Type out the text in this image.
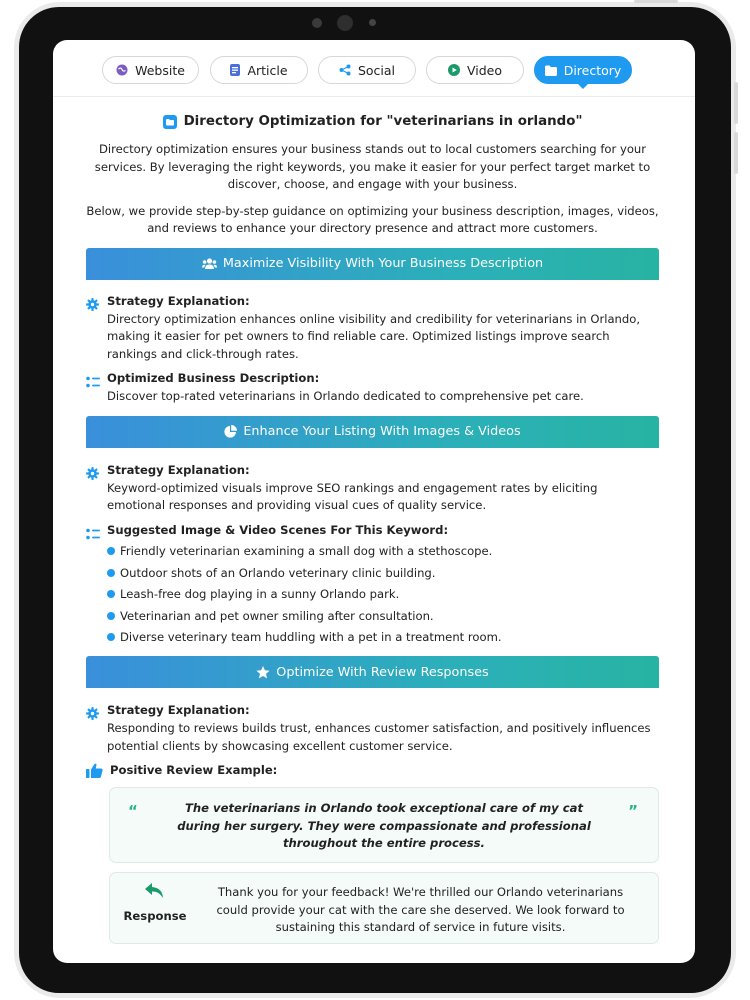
Website	Article	Social	Video	Directory
Directory Optimization for "veterinarians in orlando"
Directory optimization ensures your business stands out to local customers searching for your services. By leveraging the right keywords, you make it easier for your perfect target market to discover, choose, and engage with your business.
Below, we provide step-by-step guidance on optimizing your business description, images, videos, and reviews to enhance your directory presence and attract more customers.
Maximize Visibility With Your Business Description
Strategy Explanation:
Directory optimization enhances online visibility and credibility for veterinarians in Orlando, making it easier for pet owners to find reliable care. Optimized listings improve search rankings and click-through rates.
Optimized Business Description:
Discover top-rated veterinarians in Orlando dedicated to comprehensive pet care.
Enhance Your Listing With Images & Videos
Strategy Explanation:
Keyword-optimized visuals improve SEO rankings and engagement rates by eliciting emotional responses and providing visual cues of quality service.
Suggested Image & Video Scenes For This Keyword:
Friendly veterinarian examining a small dog with a stethoscope.
Outdoor shots of an Orlando veterinary clinic building.
Leash-free dog playing in a sunny Orlando park.
Veterinarian and pet owner smiling after consultation.
Diverse veterinary team huddling with a pet in a treatment room.
Optimize With Review Responses
Strategy Explanation:
Responding to reviews builds trust, enhances customer satisfaction, and positively influences potential clients by showcasing excellent customer service.
Positive Review Example:
“	The veterinarians in Orlando took exceptional care of my cat during her surgery. They were compassionate and professional throughout the entire process.
”
Response
Thank you for your feedback! We're thrilled our Orlando veterinarians could provide your cat with the care she deserved. We look forward to sustaining this standard of service in future visits.
